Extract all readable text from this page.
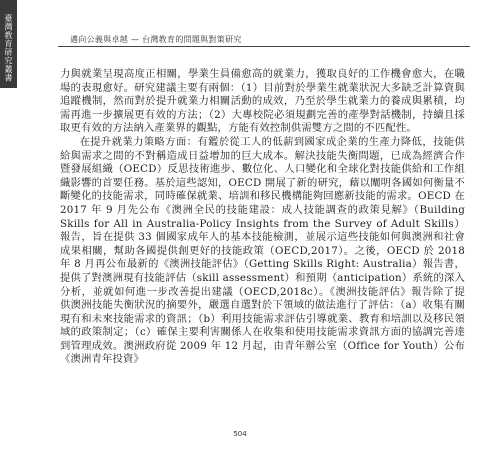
臺灣教育研究叢書	邁向公義與卓越 — 台灣教育的問題與對策研究

力與就業呈現高度正相關，學業生員備愈高的就業力，獲取良好的工作機會愈大，在職場的表現愈好。研究建議主要有兩個：（1）目前對於學業生就業狀況大多缺乏計算資與追蹤機制，然而對於提升就業力相關活動的成效，乃至於學生就業力的養成與累積，均需再進一步擴展更有效的方法；（2）大專校院必須規劃完善的產學對話機制，持續且採取更有效的方法納入產業界的觀點，方能有效控制供需雙方之間的不匹配性。

在提升就業力策略方面：有鑑於從工人的低薪到國家成企業的生產力降低，技能供給與需求之間的不對稱造成日益增加的巨大成本。解決技能失衡問題，已成為經濟合作暨發展組織（OECD）反思技術進步、數位化、人口變化和全球化對技能供給和工作組織影響的首要任務。基於這些認知，OECD 開展了新的研究，藉以闡明各國如何衡量不斷變化的技能需求，同時確保就業、培訓和移民機構能夠回應新技能的需求。OECD 在 2017 年 9 月先公布《澳洲全民的技能建設：成人技能調查的政策見解》（Building Skills for All in Australia-Policy Insights from the Survey of Adult Skills）報告，旨在提供 33 個國家成年人的基本技能檢測，並展示這些技能如何與澳洲和社會成果相關，幫助各國提供創更好的技能政策（OECD,2017）。之後，OECD 於 2018 年 8 月再公布最新的《澳洲技能評估》（Getting Skills Right: Australia）報告書，提供了對澳洲現有技能評估（skill assessment）和預期（anticipation）系統的深入分析，並就如何進一步改善提出建議（OECD,2018c）。《澳洲技能評估》報告除了提供澳洲技能失衡狀況的摘要外，嚴選自選對於下領域的做法進行了評估：（a）收集有關現有和未來技能需求的資訊；（b）利用技能需求評估引導就業、教育和培訓以及移民領域的政策制定；（c）確保主要利害關係人在收集和使用技能需求資訊方面的協調完善達到管理成效。澳洲政府從 2009 年 12 月起，由青年辦公室（Office for Youth）公布《澳洲青年投資》

504
